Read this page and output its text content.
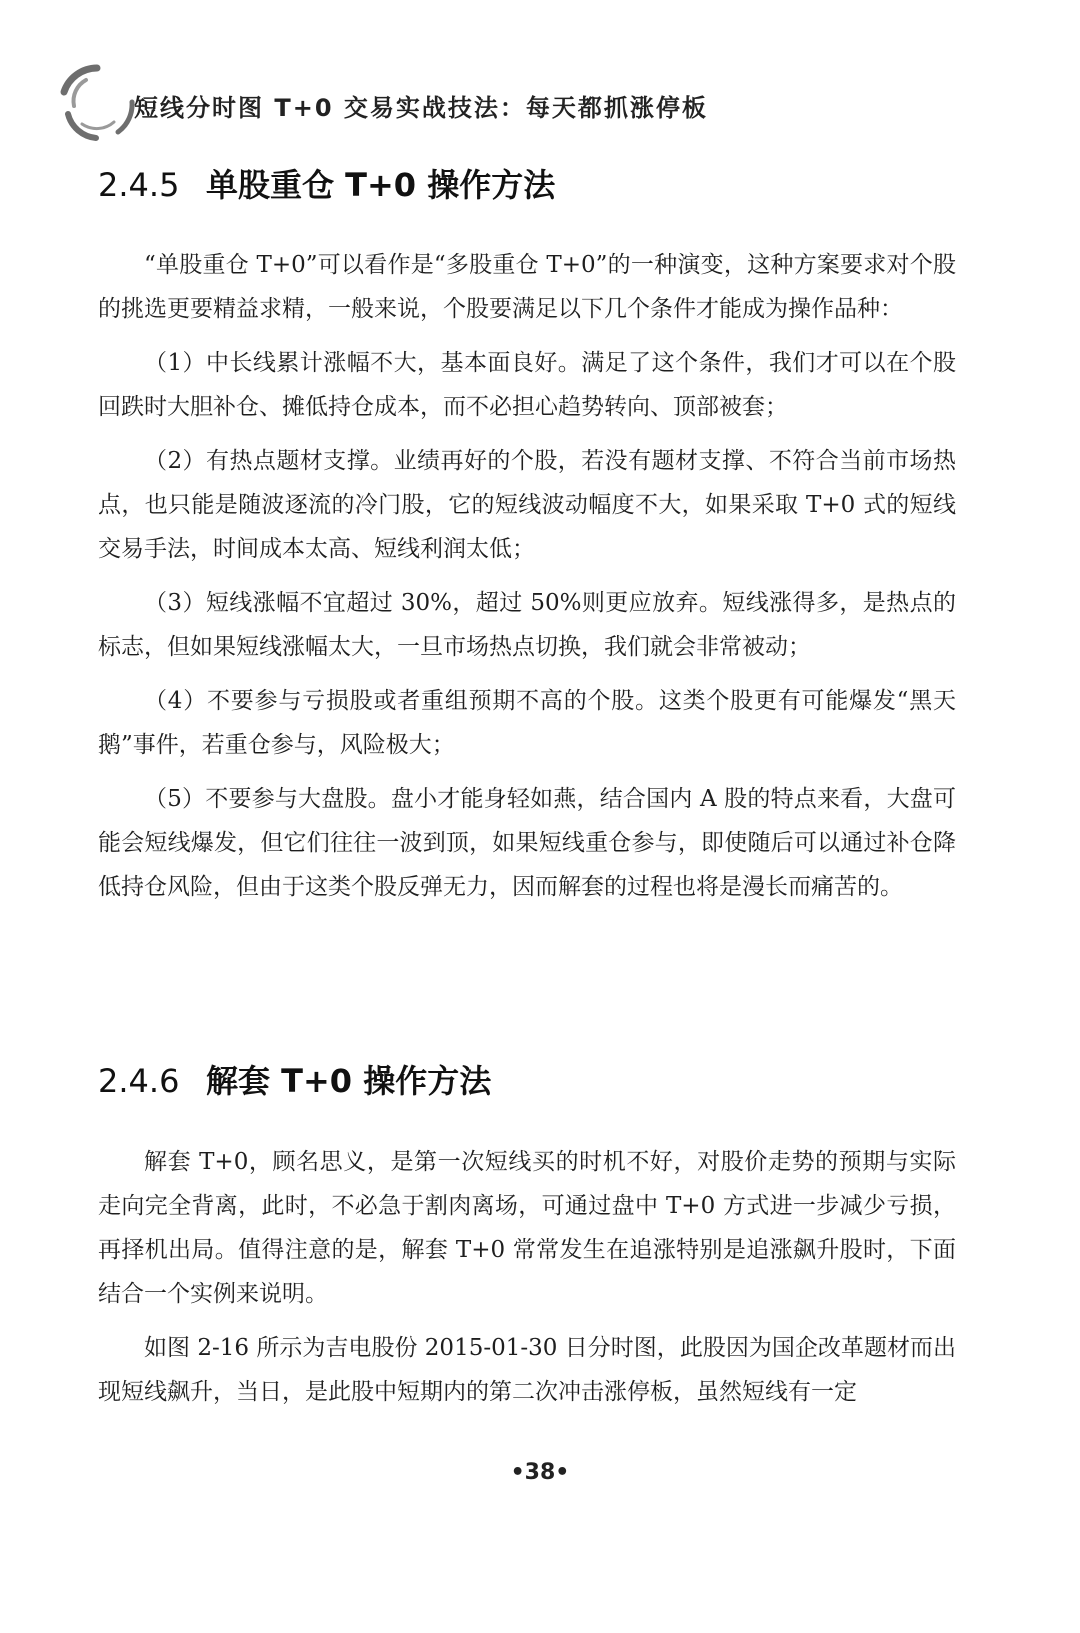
短线分时图 T+0 交易实战技法：每天都抓涨停板
2.4.5 单股重仓 T+0 操作方法

“单股重仓 T+0”可以看作是“多股重仓 T+0”的一种演变，这种方案要求对个股的挑选更要精益求精，一般来说，个股要满足以下几个条件才能成为操作品种：

（1）中长线累计涨幅不大，基本面良好。满足了这个条件，我们才可以在个股回跌时大胆补仓、摊低持仓成本，而不必担心趋势转向、顶部被套；

（2）有热点题材支撑。业绩再好的个股，若没有题材支撑、不符合当前市场热点，也只能是随波逐流的冷门股，它的短线波动幅度不大，如果采取 T+0 式的短线交易手法，时间成本太高、短线利润太低；

（3）短线涨幅不宜超过 30%，超过 50%则更应放弃。短线涨得多，是热点的标志，但如果短线涨幅太大，一旦市场热点切换，我们就会非常被动；

（4）不要参与亏损股或者重组预期不高的个股。这类个股更有可能爆发“黑天鹅”事件，若重仓参与，风险极大；

（5）不要参与大盘股。盘小才能身轻如燕，结合国内 A 股的特点来看，大盘可能会短线爆发，但它们往往一波到顶，如果短线重仓参与，即使随后可以通过补仓降低持仓风险，但由于这类个股反弹无力，因而解套的过程也将是漫长而痛苦的。

2.4.6 解套 T+0 操作方法

解套 T+0，顾名思义，是第一次短线买的时机不好，对股价走势的预期与实际走向完全背离，此时，不必急于割肉离场，可通过盘中 T+0 方式进一步减少亏损，再择机出局。值得注意的是，解套 T+0 常常发生在追涨特别是追涨飙升股时，下面结合一个实例来说明。

如图 2-16 所示为吉电股份 2015-01-30 日分时图，此股因为国企改革题材而出现短线飙升，当日，是此股中短期内的第二次冲击涨停板，虽然短线有一定

•38•
